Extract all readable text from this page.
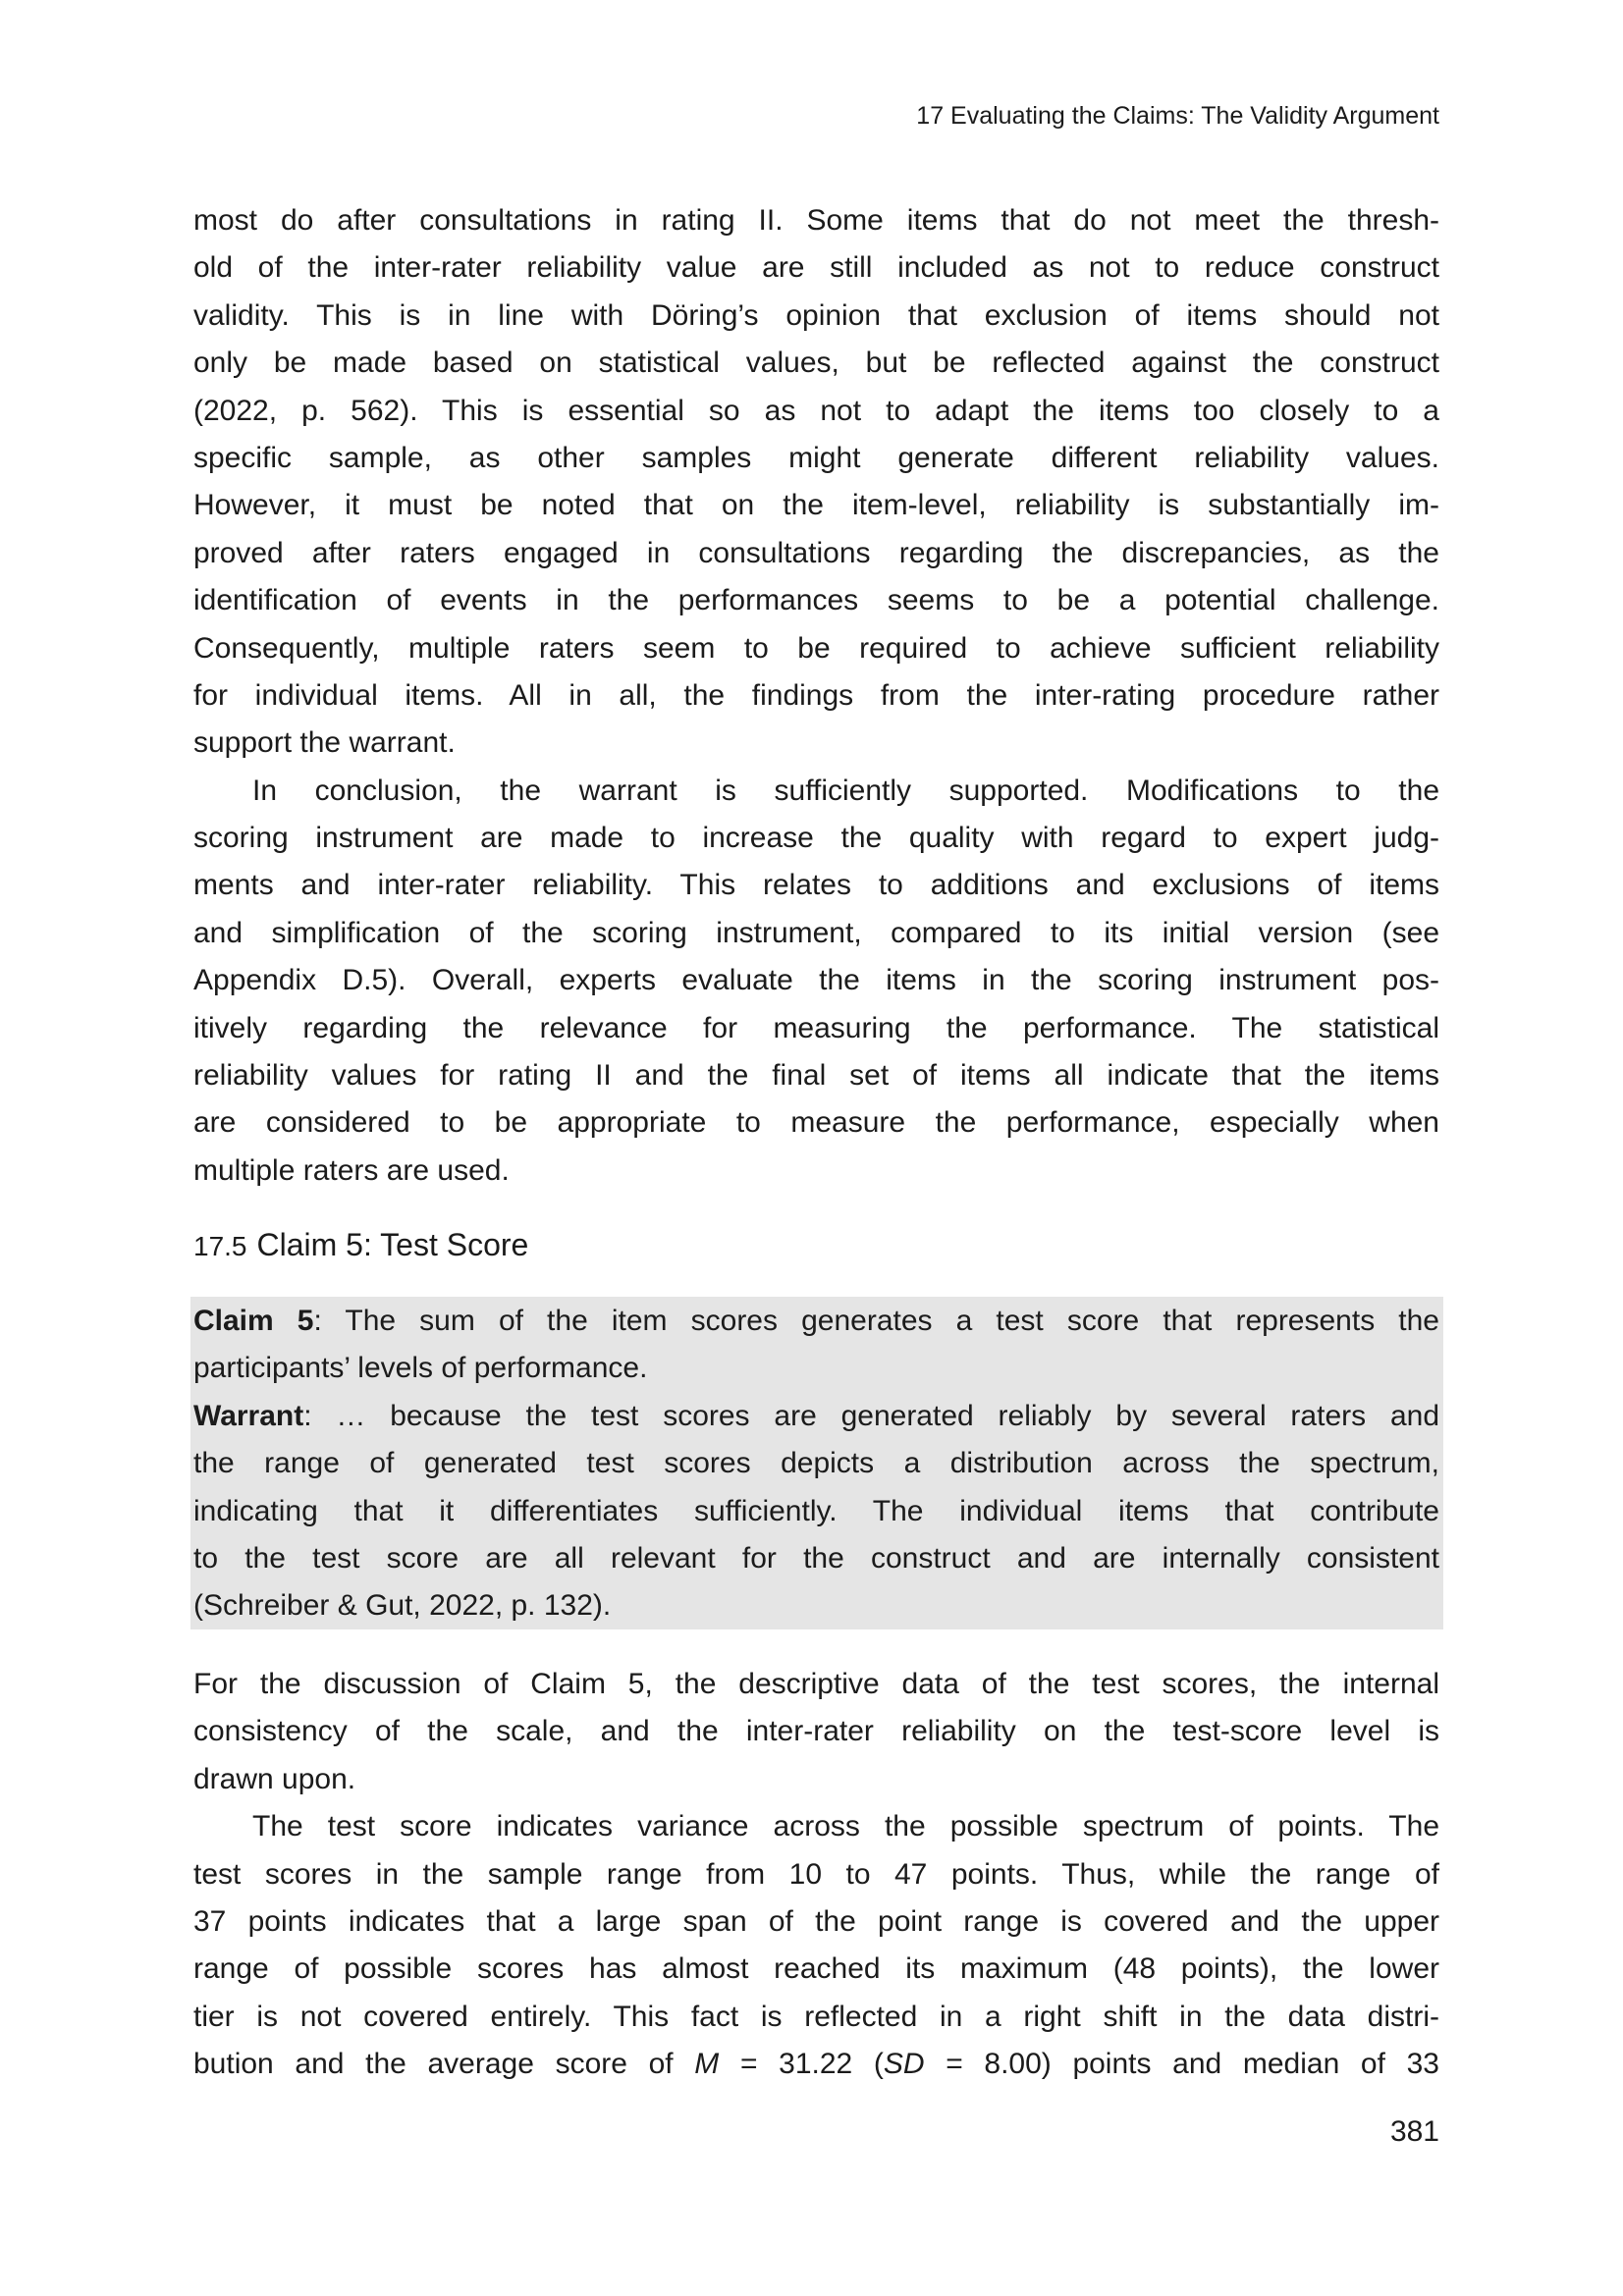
17 Evaluating the Claims: The Validity Argument
most do after consultations in rating II. Some items that do not meet the thresh-
old of the inter-rater reliability value are still included as not to reduce construct
validity. This is in line with Döring’s opinion that exclusion of items should not
only be made based on statistical values, but be reflected against the construct
(2022, p. 562). This is essential so as not to adapt the items too closely to a
specific sample, as other samples might generate different reliability values.
However, it must be noted that on the item-level, reliability is substantially im-
proved after raters engaged in consultations regarding the discrepancies, as the
identification of events in the performances seems to be a potential challenge.
Consequently, multiple raters seem to be required to achieve sufficient reliability
for individual items. All in all, the findings from the inter-rating procedure rather
support the warrant.
In conclusion, the warrant is sufficiently supported. Modifications to the
scoring instrument are made to increase the quality with regard to expert judg-
ments and inter-rater reliability. This relates to additions and exclusions of items
and simplification of the scoring instrument, compared to its initial version (see
Appendix D.5). Overall, experts evaluate the items in the scoring instrument pos-
itively regarding the relevance for measuring the performance. The statistical
reliability values for rating II and the final set of items all indicate that the items
are considered to be appropriate to measure the performance, especially when
multiple raters are used.
17.5 Claim 5: Test Score
Claim 5: The sum of the item scores generates a test score that represents the
participants’ levels of performance.
Warrant: … because the test scores are generated reliably by several raters and
the range of generated test scores depicts a distribution across the spectrum,
indicating that it differentiates sufficiently. The individual items that contribute
to the test score are all relevant for the construct and are internally consistent
(Schreiber & Gut, 2022, p. 132).
For the discussion of Claim 5, the descriptive data of the test scores, the internal
consistency of the scale, and the inter-rater reliability on the test-score level is
drawn upon.
The test score indicates variance across the possible spectrum of points. The
test scores in the sample range from 10 to 47 points. Thus, while the range of
37 points indicates that a large span of the point range is covered and the upper
range of possible scores has almost reached its maximum (48 points), the lower
tier is not covered entirely. This fact is reflected in a right shift in the data distri-
bution and the average score of M = 31.22 (SD = 8.00) points and median of 33
381
